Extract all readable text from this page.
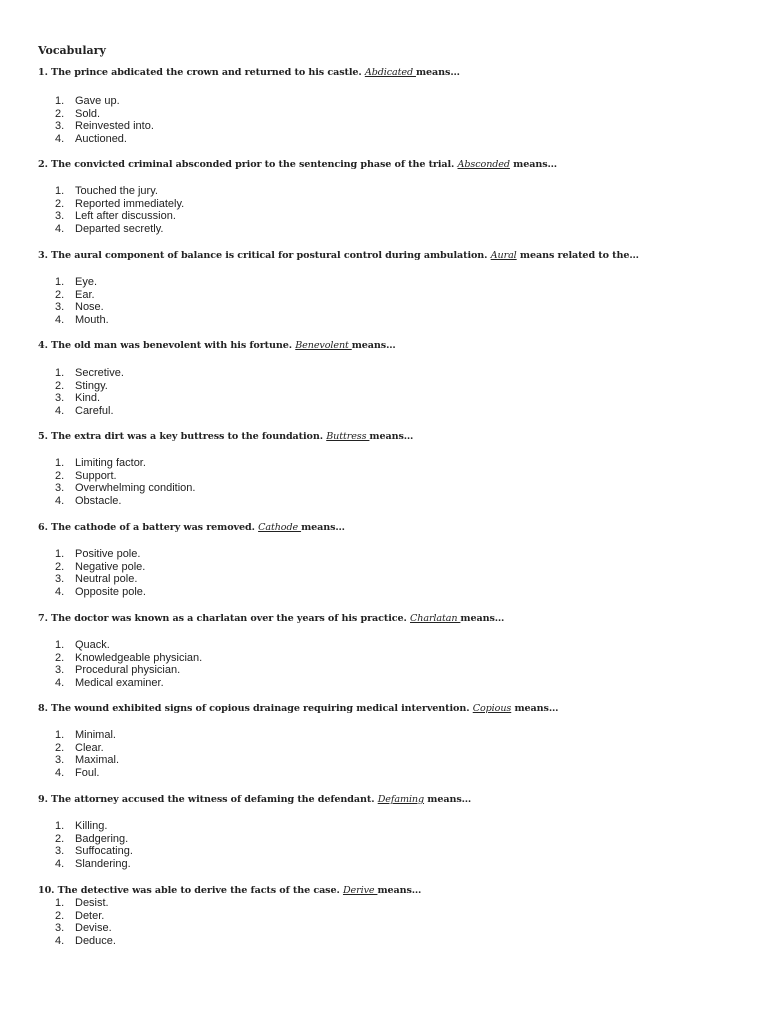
Vocabulary
1. The prince abdicated the crown and returned to his castle. Abdicated means…
1. Gave up.
2. Sold.
3. Reinvested into.
4. Auctioned.
2. The convicted criminal absconded prior to the sentencing phase of the trial. Absconded means…
1. Touched the jury.
2. Reported immediately.
3. Left after discussion.
4. Departed secretly.
3. The aural component of balance is critical for postural control during ambulation. Aural means related to the…
1. Eye.
2. Ear.
3. Nose.
4. Mouth.
4. The old man was benevolent with his fortune. Benevolent means…
1. Secretive.
2. Stingy.
3. Kind.
4. Careful.
5. The extra dirt was a key buttress to the foundation. Buttress means…
1. Limiting factor.
2. Support.
3. Overwhelming condition.
4. Obstacle.
6. The cathode of a battery was removed. Cathode means…
1. Positive pole.
2. Negative pole.
3. Neutral pole.
4. Opposite pole.
7. The doctor was known as a charlatan over the years of his practice. Charlatan means…
1. Quack.
2. Knowledgeable physician.
3. Procedural physician.
4. Medical examiner.
8. The wound exhibited signs of copious drainage requiring medical intervention. Copious means…
1. Minimal.
2. Clear.
3. Maximal.
4. Foul.
9. The attorney accused the witness of defaming the defendant. Defaming means…
1. Killing.
2. Badgering.
3. Suffocating.
4. Slandering.
10. The detective was able to derive the facts of the case. Derive means…
1. Desist.
2. Deter.
3. Devise.
4. Deduce.
